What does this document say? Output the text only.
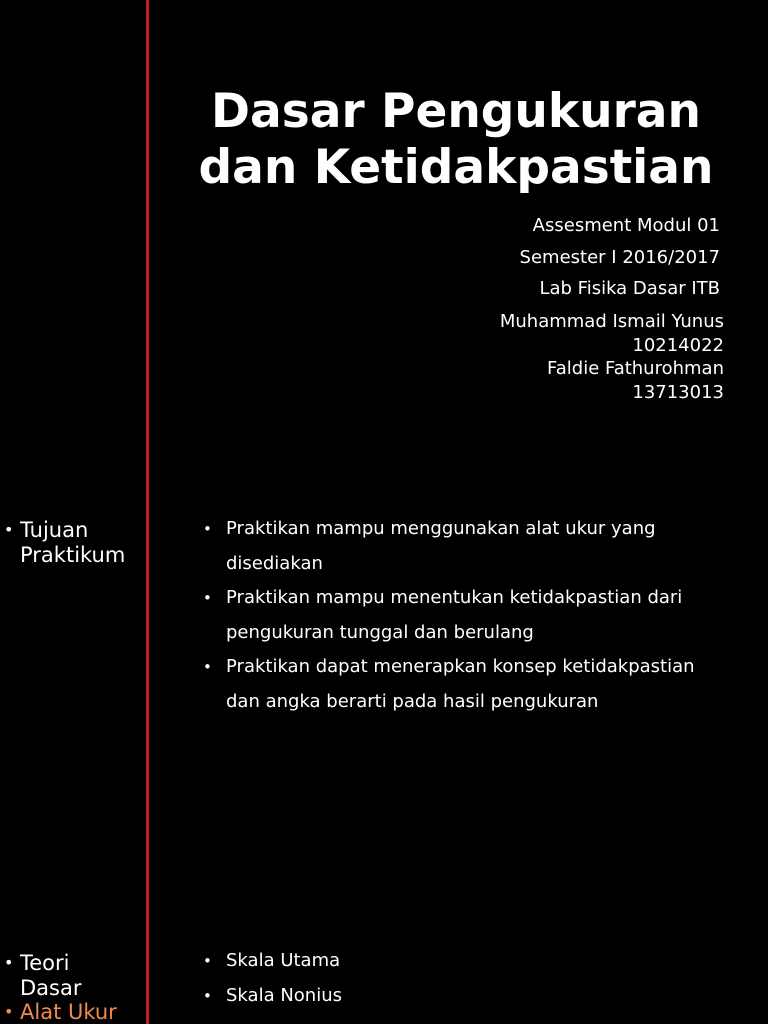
Dasar Pengukuran
dan Ketidakpastian
Assesment Modul 01
Semester I 2016/2017
Lab Fisika Dasar ITB
Muhammad Ismail Yunus
10214022
Faldie Fathurohman
13713013
• Tujuan
Praktikum
• Praktikan mampu menggunakan alat ukur yang
disediakan
• Praktikan mampu menentukan ketidakpastian dari
pengukuran tunggal dan berulang
• Praktikan dapat menerapkan konsep ketidakpastian
dan angka berarti pada hasil pengukuran
• Teori
Dasar
• Alat Ukur
• Skala Utama
• Skala Nonius
